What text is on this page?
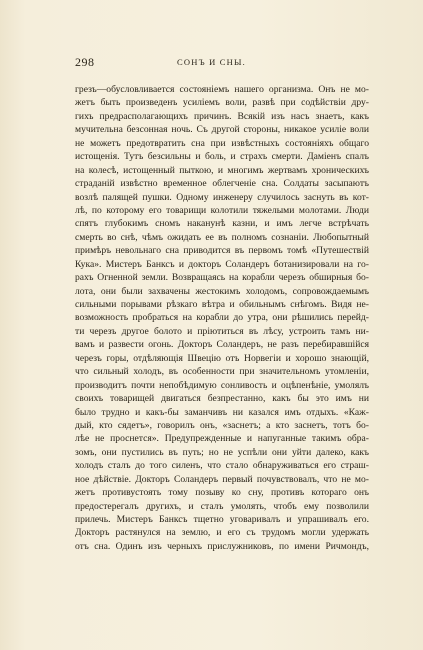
298	СОНЪ И СНЫ.
грезъ—обусловливается состоянiемъ нашего организма. Онъ не мо-
жетъ быть произведенъ усилiемъ воли, развѣ при содѣйствiи дру-
гихъ предрасполагающихъ причинъ. Всякiй изъ насъ знаетъ, какъ
мучительна безсонная ночь. Съ другой стороны, никакое усилiе воли
не можетъ предотвратить сна при извѣстныхъ состоянiяхъ общаго
истощенiя. Тутъ безсильны и боль, и страхъ смерти. Дамiенъ спалъ
на колесѣ, истощенный пыткою, и многимъ жертвамъ хроническихъ
страданiй извѣстно временное облегченiе сна. Солдаты засыпаютъ
возлѣ палящей пушки. Одному инженеру случилось заснуть въ кот-
лѣ, по которому его товарищи колотили тяжелыми молотами. Люди
спятъ глубокимъ сномъ наканунѣ казни, и имъ легче встрѣчать
смерть во снѣ, чѣмъ ожидать ее въ полномъ сознанiи. Любопытный
примѣръ невольнаго сна приводится въ первомъ томѣ «Путешествiй
Кука». Мистеръ Банксъ и докторъ Соландеръ ботанизировали на го-
рахъ Огненной земли. Возвращаясь на корабли черезъ обширныя бо-
лота, они были захвачены жестокимъ холодомъ, сопровождаемымъ
сильными порывами рѣзкаго вѣтра и обильнымъ снѣгомъ. Видя не-
возможность пробраться на корабли до утра, они рѣшились перейд-
ти черезъ другое болото и прiютиться въ лѣсу, устроить тамъ ни-
вамъ и развести огонь. Докторъ Соландеръ, не разъ перебиравшiйся
черезъ горы, отдѣляющiя Швецiю отъ Норвегiи и хорошо знающiй,
что сильный холодъ, въ особенности при значительномъ утомленiи,
производитъ почти непобѣдимую сонливость и оцѣпенѣнiе, умолялъ
своихъ товарищей двигаться безпрестанно, какъ бы это имъ ни
было трудно и какъ-бы заманчивъ ни казался имъ отдыхъ. «Каж-
дый, кто сядетъ», говорилъ онъ, «заснетъ; а кто заснетъ, тотъ бо-
лѣе не проснется». Предупрежденные и напуганные такимъ обра-
зомъ, они пустились въ путь; но не успѣли они уйти далеко, какъ
холодъ сталъ до того силенъ, что стало обнаруживаться его страш-
ное дѣйствiе. Докторъ Соландеръ первый почувствовалъ, что не мо-
жетъ противустоять тому позыву ко сну, противъ котораго онъ
предостерегалъ другихъ, и сталъ умолять, чтобъ ему позволили
прилечь. Мистеръ Банксъ тщетно уговаривалъ и упрашивалъ его.
Докторъ растянулся на землю, и его съ трудомъ могли удержать
отъ сна. Одинъ изъ черныхъ прислужниковъ, по имени Ричмондъ,
